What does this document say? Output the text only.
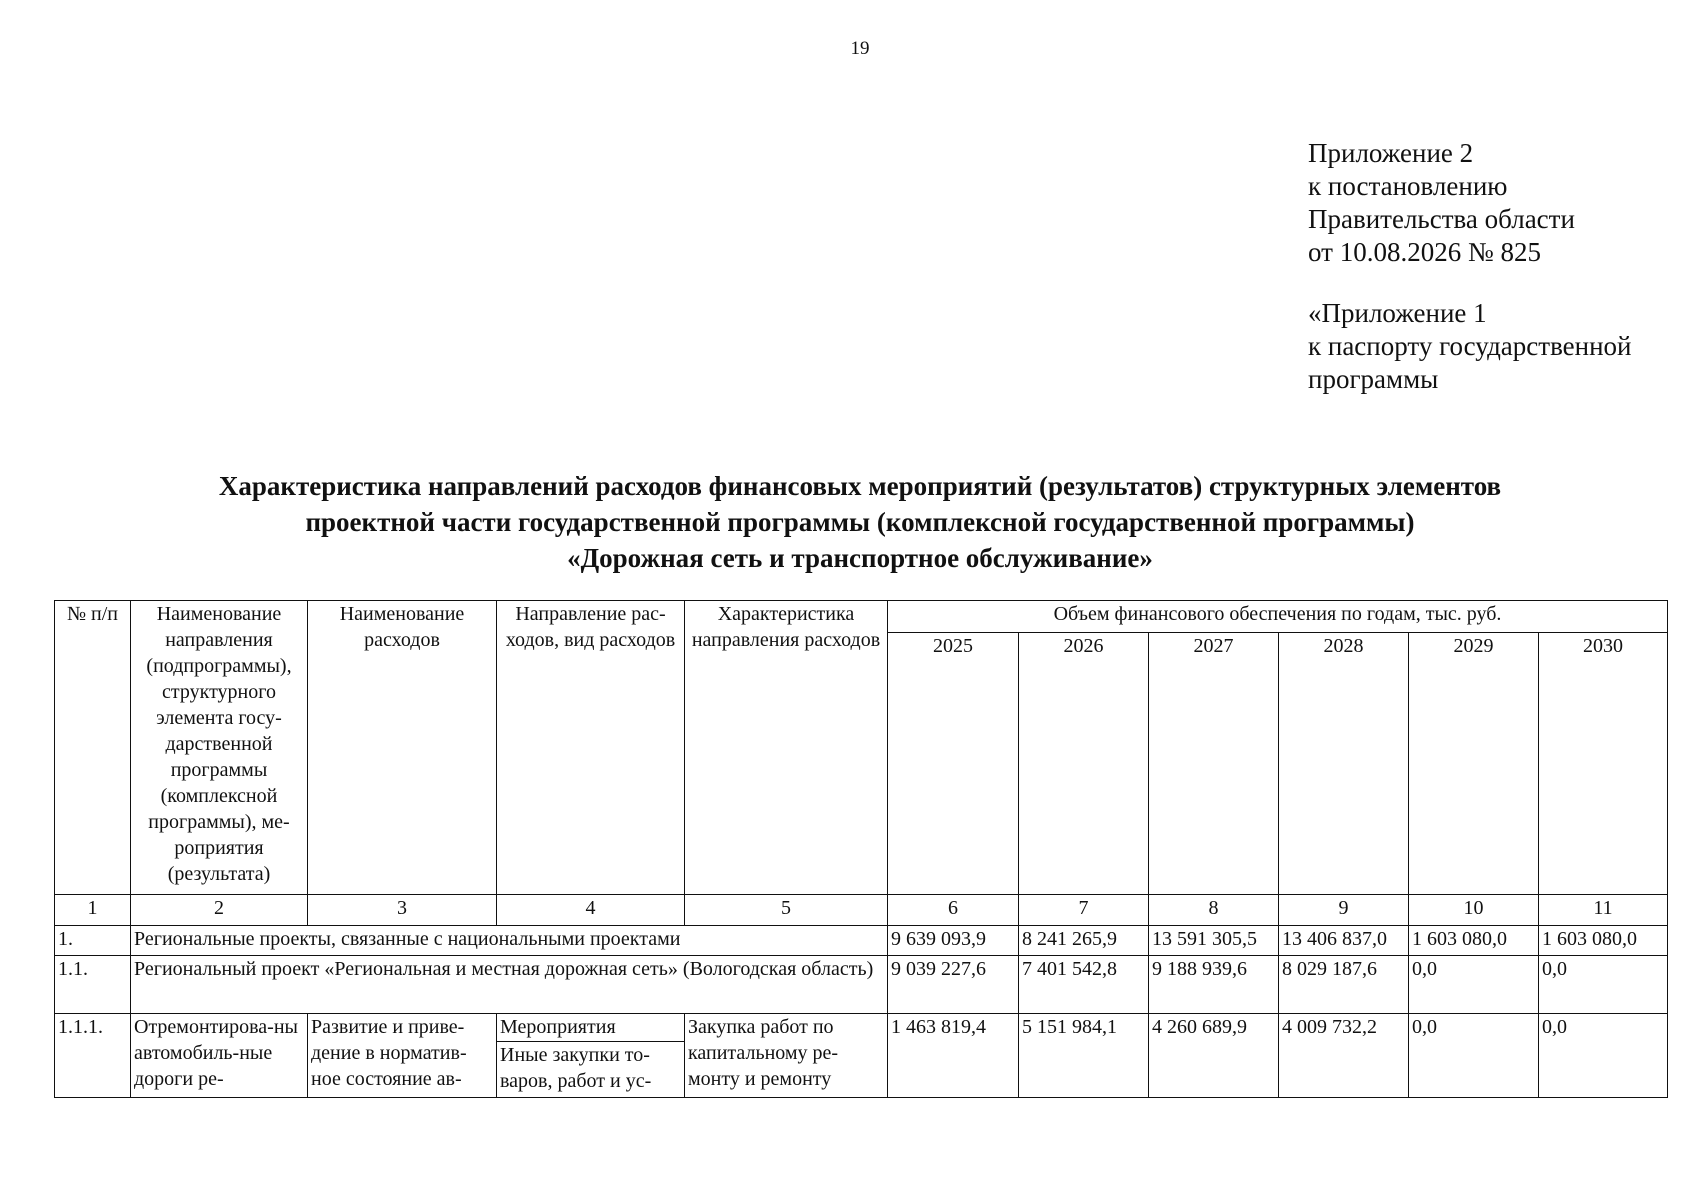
19
Приложение 2
к постановлению
Правительства области
от 10.08.2026 № 825
«Приложение 1
к паспорту государственной
программы
Характеристика направлений расходов финансовых мероприятий (результатов) структурных элементов
проектной части государственной программы (комплексной государственной программы)
«Дорожная сеть и транспортное обслуживание»
№ п/п	Наименование направления (подпрограммы), структурного элемента госу-дарственной программы (комплексной программы), ме-роприятия (результата)	Наименование расходов	Направление рас-ходов, вид расходов	Характеристика направления расходов	Объем финансового обеспечения по годам, тыс. руб.					
					2025	2026	2027	2028	2029	2030
1	2	3	4	5	6	7	8	9	10	11
1.	Региональные проекты, связанные с национальными проектами				9 639 093,9	8 241 265,9	13 591 305,5	13 406 837,0	1 603 080,0	1 603 080,0
1.1.	Региональный проект «Региональная и местная дорожная сеть» (Вологодская область)				9 039 227,6	7 401 542,8	9 188 939,6	8 029 187,6	0,0	0,0
1.1.1.	Отремонтирова-ны автомобиль-ные дороги ре-	Развитие и приве-дение в норматив-ное состояние ав-	Мероприятия	Закупка работ по капитальному ре-монту и ремонту	1 463 819,4	5 151 984,1	4 260 689,9	4 009 732,2	0,0	0,0
			Иные закупки то-варов, работ и ус-							
